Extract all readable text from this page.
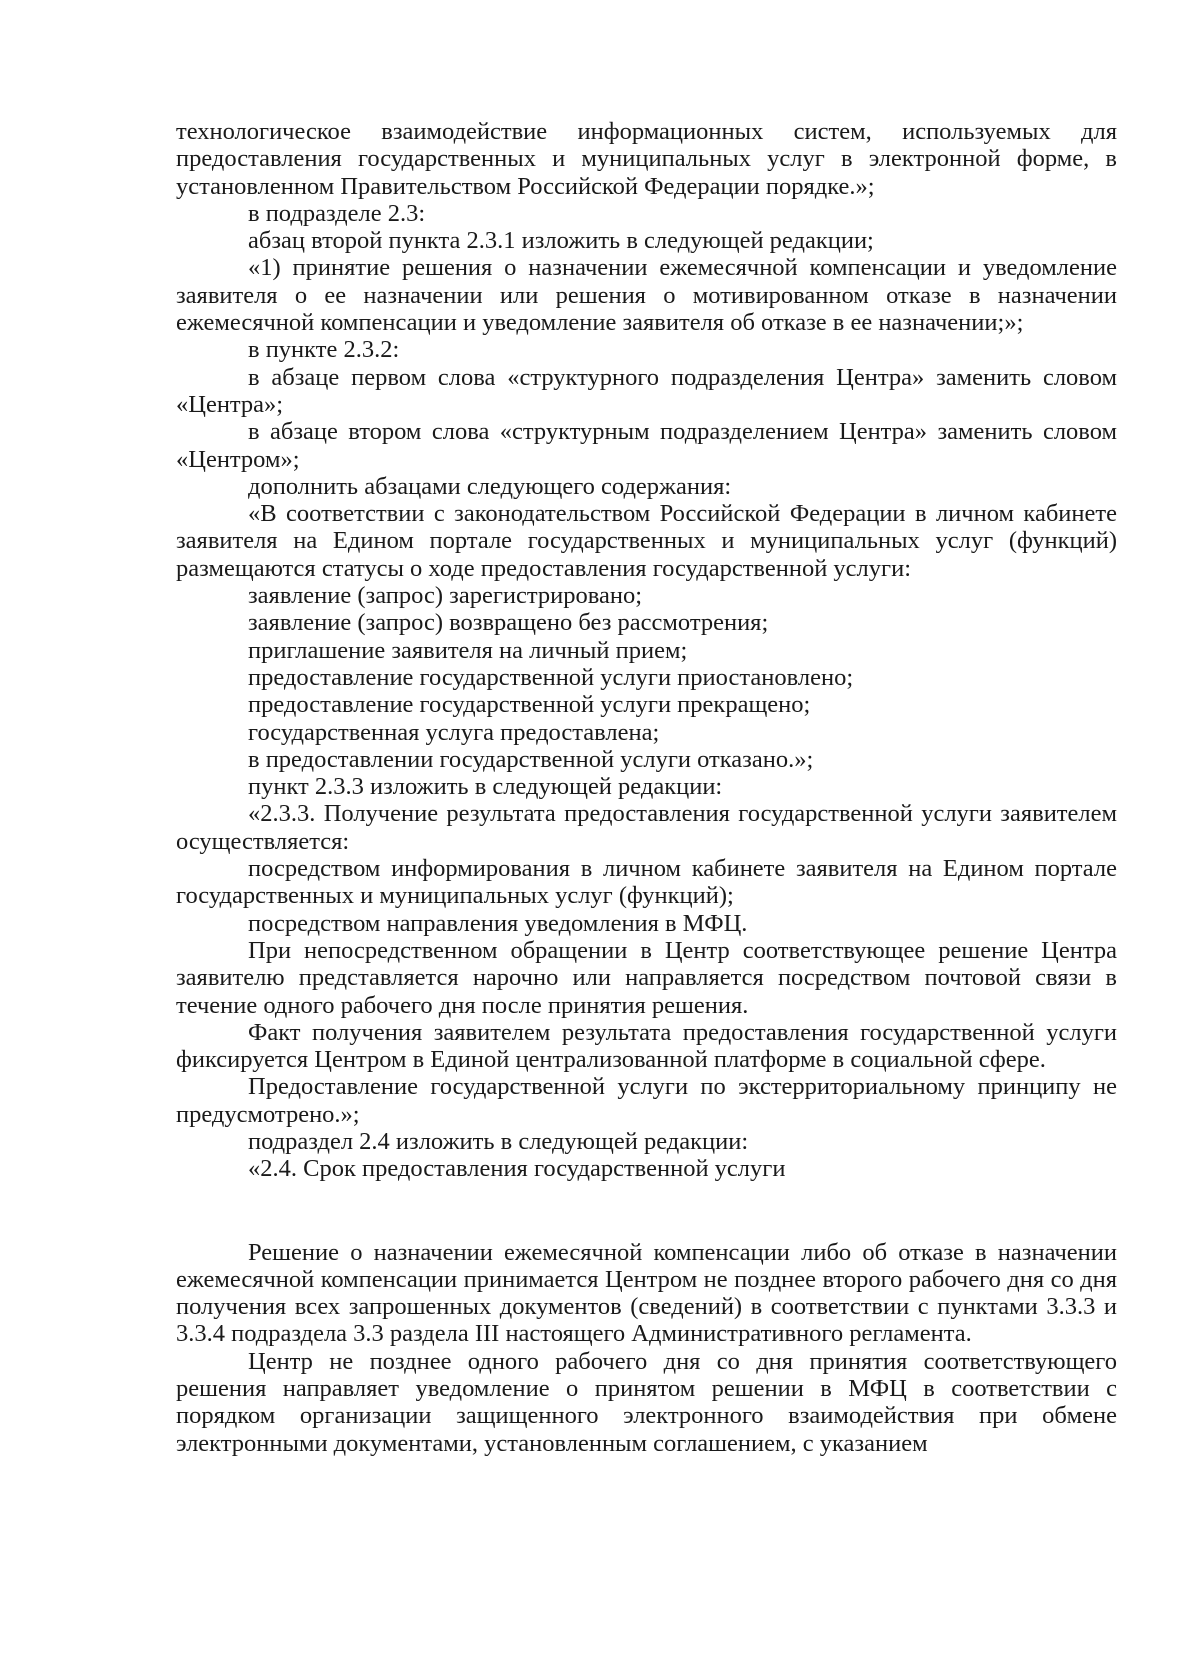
технологическое взаимодействие информационных систем, используемых для предоставления государственных и муниципальных услуг в электронной форме, в установленном Правительством Российской Федерации порядке.»;

в подразделе 2.3:

абзац второй пункта 2.3.1 изложить в следующей редакции;

«1) принятие решения о назначении ежемесячной компенсации и уведомление заявителя о ее назначении или решения о мотивированном отказе в назначении ежемесячной компенсации и уведомление заявителя об отказе в ее назначении;»;

в пункте 2.3.2:

в абзаце первом слова «структурного подразделения Центра» заменить словом «Центра»;

в абзаце втором слова «структурным подразделением Центра» заменить словом «Центром»;

дополнить абзацами следующего содержания:

«В соответствии с законодательством Российской Федерации в личном кабинете заявителя на Едином портале государственных и муниципальных услуг (функций) размещаются статусы о ходе предоставления государственной услуги:

заявление (запрос) зарегистрировано;

заявление (запрос) возвращено без рассмотрения;

приглашение заявителя на личный прием;

предоставление государственной услуги приостановлено;

предоставление государственной услуги прекращено;

государственная услуга предоставлена;

в предоставлении государственной услуги отказано.»;

пункт 2.3.3 изложить в следующей редакции:

«2.3.3. Получение результата предоставления государственной услуги заявителем осуществляется:

посредством информирования в личном кабинете заявителя на Едином портале государственных и муниципальных услуг (функций);

посредством направления уведомления в МФЦ.

При непосредственном обращении в Центр соответствующее решение Центра заявителю представляется нарочно или направляется посредством почтовой связи в течение одного рабочего дня после принятия решения.

Факт получения заявителем результата предоставления государственной услуги фиксируется Центром в Единой централизованной платформе в социальной сфере.

Предоставление государственной услуги по экстерриториальному принципу не предусмотрено.»;

подраздел 2.4 изложить в следующей редакции:

«2.4. Срок предоставления государственной услуги

Решение о назначении ежемесячной компенсации либо об отказе в назначении ежемесячной компенсации принимается Центром не позднее второго рабочего дня со дня получения всех запрошенных документов (сведений) в соответствии с пунктами 3.3.3 и 3.3.4 подраздела 3.3 раздела III настоящего Административного регламента.

Центр не позднее одного рабочего дня со дня принятия соответствующего решения направляет уведомление о принятом решении в МФЦ в соответствии с порядком организации защищенного электронного взаимодействия при обмене электронными документами, установленным соглашением, с указанием
